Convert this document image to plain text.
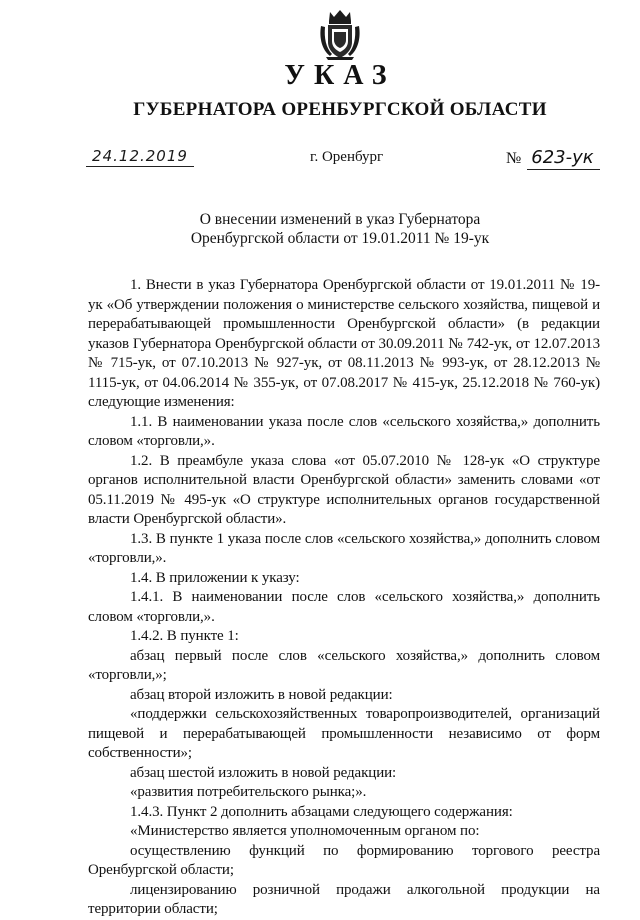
УКАЗ
ГУБЕРНАТОРА ОРЕНБУРГСКОЙ ОБЛАСТИ
24.12.2019	г. Оренбург	№ 623-ук
О внесении изменений в указ Губернатора
Оренбургской области от 19.01.2011 № 19-ук

1. Внести в указ Губернатора Оренбургской области от 19.01.2011 № 19-ук «Об утверждении положения о министерстве сельского хозяйства, пищевой и перерабатывающей промышленности Оренбургской области» (в редакции указов Губернатора Оренбургской области от 30.09.2011 № 742-ук, от 12.07.2013 № 715-ук, от 07.10.2013 № 927-ук, от 08.11.2013 № 993-ук, от 28.12.2013 № 1115-ук, от 04.06.2014 № 355-ук, от 07.08.2017 № 415-ук, 25.12.2018 № 760-ук) следующие изменения:

1.1. В наименовании указа после слов «сельского хозяйства,» дополнить словом «торговли,».

1.2. В преамбуле указа слова «от 05.07.2010 № 128-ук «О структуре органов исполнительной власти Оренбургской области» заменить словами «от 05.11.2019 № 495-ук «О структуре исполнительных органов государственной власти Оренбургской области».

1.3. В пункте 1 указа после слов «сельского хозяйства,» дополнить словом «торговли,».

1.4. В приложении к указу:

1.4.1. В наименовании после слов «сельского хозяйства,» дополнить словом «торговли,».

1.4.2. В пункте 1:

абзац первый после слов «сельского хозяйства,» дополнить словом «торговли,»;

абзац второй изложить в новой редакции:

«поддержки сельскохозяйственных товаропроизводителей, организаций пищевой и перерабатывающей промышленности независимо от форм собственности»;

абзац шестой изложить в новой редакции:

«развития потребительского рынка;».

1.4.3. Пункт 2 дополнить абзацами следующего содержания:

«Министерство является уполномоченным органом по:

осуществлению функций по формированию торгового реестра Оренбургской области;

лицензированию розничной продажи алкогольной продукции на территории области;
